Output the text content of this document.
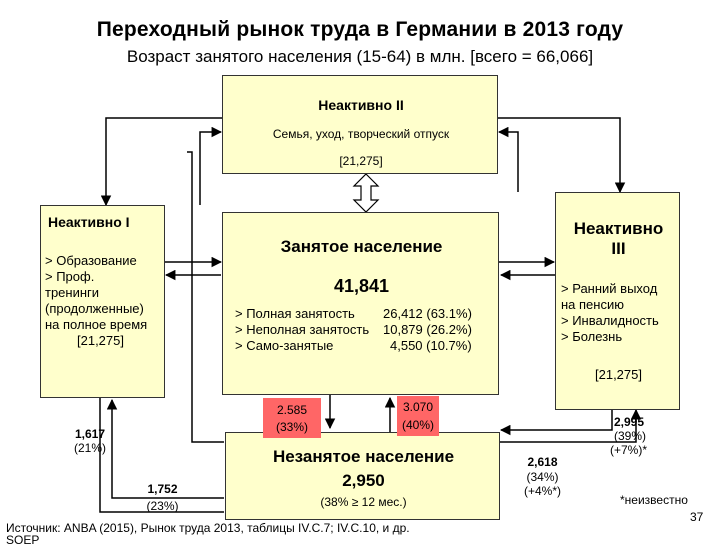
Переходный рынок труда в Германии в 2013 году
Возраст занятого населения (15-64) в млн. [всего = 66,066]
Неактивно II
Семья, уход, творческий отпуск
[21,275]
Неактивно I
> Образование
> Проф.
тренинги
(продолженные)
на полное время
[21,275]
Занятое население
41,841
> Полная занятость	26,412 (63.1%)
> Неполная занятость	10,879 (26.2%)
> Само-занятые	4,550 (10.7%)
Неактивно
III
> Ранний выход
на пенсию
> Инвалидность
> Болезнь
[21,275]
Незанятое население
2,950
(38% ≥ 12 мес.)
2.585
(33%)
3.070
(40%)
1,617
(21%)
1,752
(23%)
2,618
(34%)
(+4%*)
2,995
(39%)
(+7%)*
*неизвестно
Источник: ANBA (2015), Рынок труда 2013, таблицы IV.C.7; IV.C.10, и др.
SOEP
37
